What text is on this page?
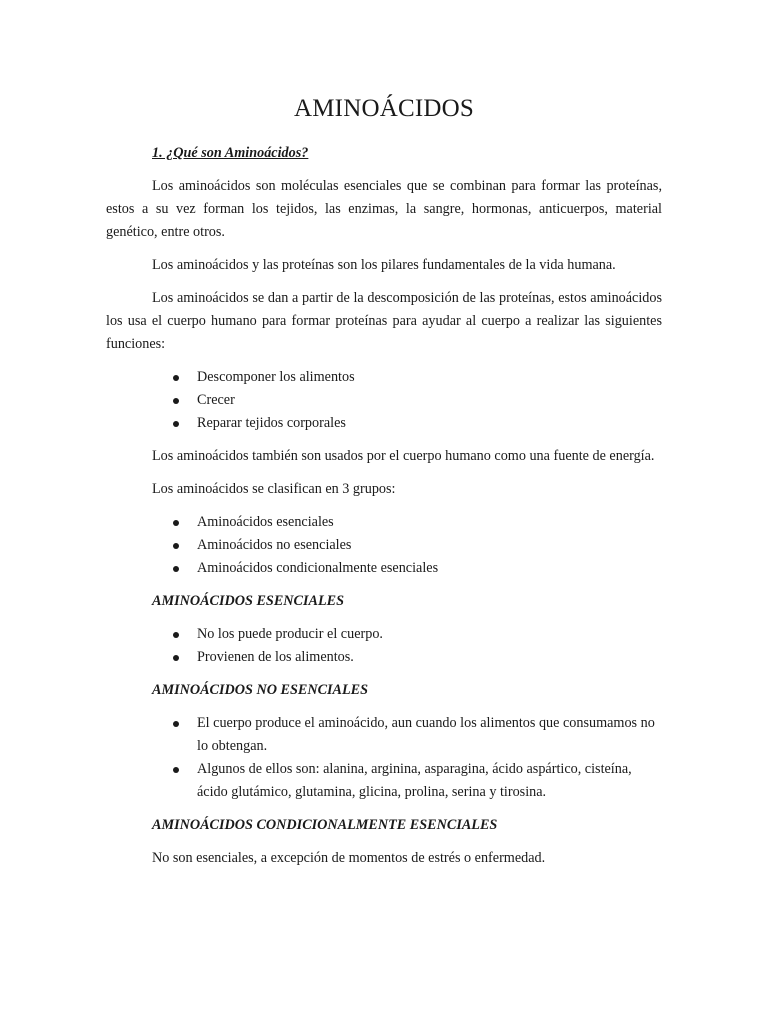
AMINOÁCIDOS
1. ¿Qué son Aminoácidos?

Los aminoácidos son moléculas esenciales que se combinan para formar las proteínas, estos a su vez forman los tejidos, las enzimas, la sangre, hormonas, anticuerpos, material genético, entre otros.

Los aminoácidos y las proteínas son los pilares fundamentales de la vida humana.

Los aminoácidos se dan a partir de la descomposición de las proteínas, estos aminoácidos los usa el cuerpo humano para formar proteínas para ayudar al cuerpo a realizar las siguientes funciones:

Descomponer los alimentos
Crecer
Reparar tejidos corporales

Los aminoácidos también son usados por el cuerpo humano como una fuente de energía.

Los aminoácidos se clasifican en 3 grupos:

Aminoácidos esenciales
Aminoácidos no esenciales
Aminoácidos condicionalmente esenciales
AMINOÁCIDOS ESENCIALES
No los puede producir el cuerpo.
Provienen de los alimentos.
AMINOÁCIDOS NO ESENCIALES
El cuerpo produce el aminoácido, aun cuando los alimentos que consumamos no lo obtengan.
Algunos de ellos son: alanina, arginina, asparagina, ácido aspártico, cisteína, ácido glutámico, glutamina, glicina, prolina, serina y tirosina.
AMINOÁCIDOS CONDICIONALMENTE ESENCIALES

No son esenciales, a excepción de momentos de estrés o enfermedad.
